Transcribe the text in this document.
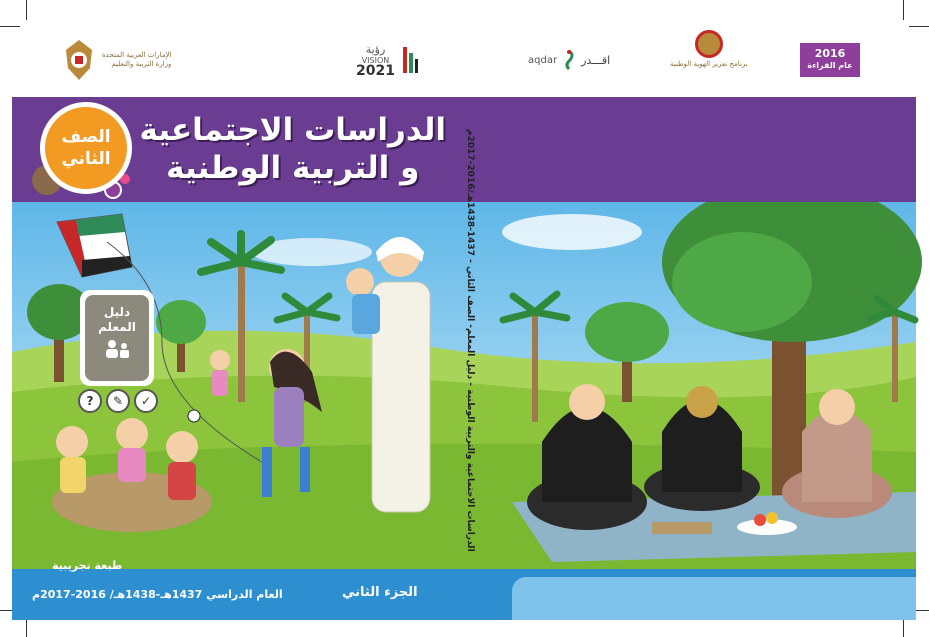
2016
عام القراءة
برنامج تعزيز الهوية الوطنية
aqdar اقـــدر
رؤية
VISION
2021
الإمارات العربية المتحدة
وزارة التربية والتعليم
الدراسات الاجتماعية
و التربية الوطنية
الصف
الثاني
الدراسات الاجتماعية والتربية الوطنية - دليل المعلم- الصف الثاني - 1437-1438هـ/2016-2017م
دليل
المعلم
?	✎	✓
طبعة تجريبية
العام الدراسي 1437هـ-1438هـ/ 2016-2017م	الجزء الثاني
